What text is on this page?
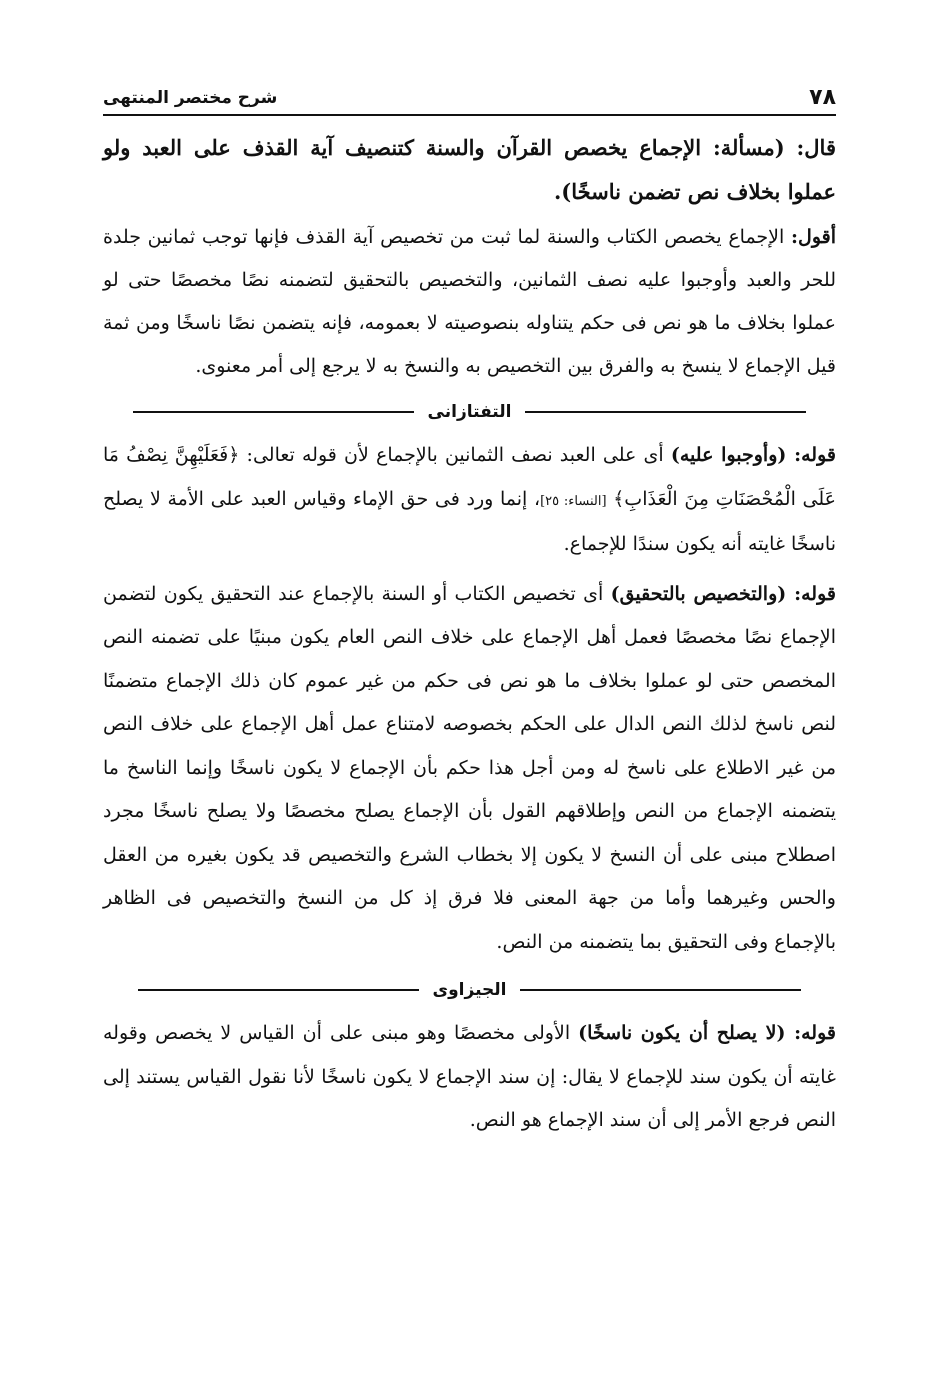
٧٨
شرح مختصر المنتهى

قال: (مسألة: الإجماع يخصص القرآن والسنة كتنصيف آية القذف على العبد ولو عملوا بخلاف نص تضمن ناسخًا).

أقول: الإجماع يخصص الكتاب والسنة لما ثبت من تخصيص آية القذف فإنها توجب ثمانين جلدة للحر والعبد وأوجبوا عليه نصف الثمانين، والتخصيص بالتحقيق لتضمنه نصًا مخصصًا حتى لو عملوا بخلاف ما هو نص فى حكم يتناوله بنصوصيته لا بعمومه، فإنه يتضمن نصًا ناسخًا ومن ثمة قيل الإجماع لا ينسخ به والفرق بين التخصيص به والنسخ به لا يرجع إلى أمر معنوى.

التفتازانى

قوله: (وأوجبوا عليه) أى على العبد نصف الثمانين بالإجماع لأن قوله تعالى: ﴿فَعَلَيْهِنَّ نِصْفُ مَا عَلَى الْمُحْصَنَاتِ مِنَ الْعَذَابِ﴾ [النساء: ٢٥]، إنما ورد فى حق الإماء وقياس العبد على الأمة لا يصلح ناسخًا غايته أنه يكون سندًا للإجماع.

قوله: (والتخصيص بالتحقيق) أى تخصيص الكتاب أو السنة بالإجماع عند التحقيق يكون لتضمن الإجماع نصًا مخصصًا فعمل أهل الإجماع على خلاف النص العام يكون مبنيًا على تضمنه النص المخصص حتى لو عملوا بخلاف ما هو نص فى حكم من غير عموم كان ذلك الإجماع متضمنًا لنص ناسخ لذلك النص الدال على الحكم بخصوصه لامتناع عمل أهل الإجماع على خلاف النص من غير الاطلاع على ناسخ له ومن أجل هذا حكم بأن الإجماع لا يكون ناسخًا وإنما الناسخ ما يتضمنه الإجماع من النص وإطلاقهم القول بأن الإجماع يصلح مخصصًا ولا يصلح ناسخًا مجرد اصطلاح مبنى على أن النسخ لا يكون إلا بخطاب الشرع والتخصيص قد يكون بغيره من العقل والحس وغيرهما وأما من جهة المعنى فلا فرق إذ كل من النسخ والتخصيص فى الظاهر بالإجماع وفى التحقيق بما يتضمنه من النص.

الجيزاوى

قوله: (لا يصلح أن يكون ناسخًا) الأولى مخصصًا وهو مبنى على أن القياس لا يخصص وقوله غايته أن يكون سند للإجماع لا يقال: إن سند الإجماع لا يكون ناسخًا لأنا نقول القياس يستند إلى النص فرجع الأمر إلى أن سند الإجماع هو النص.
